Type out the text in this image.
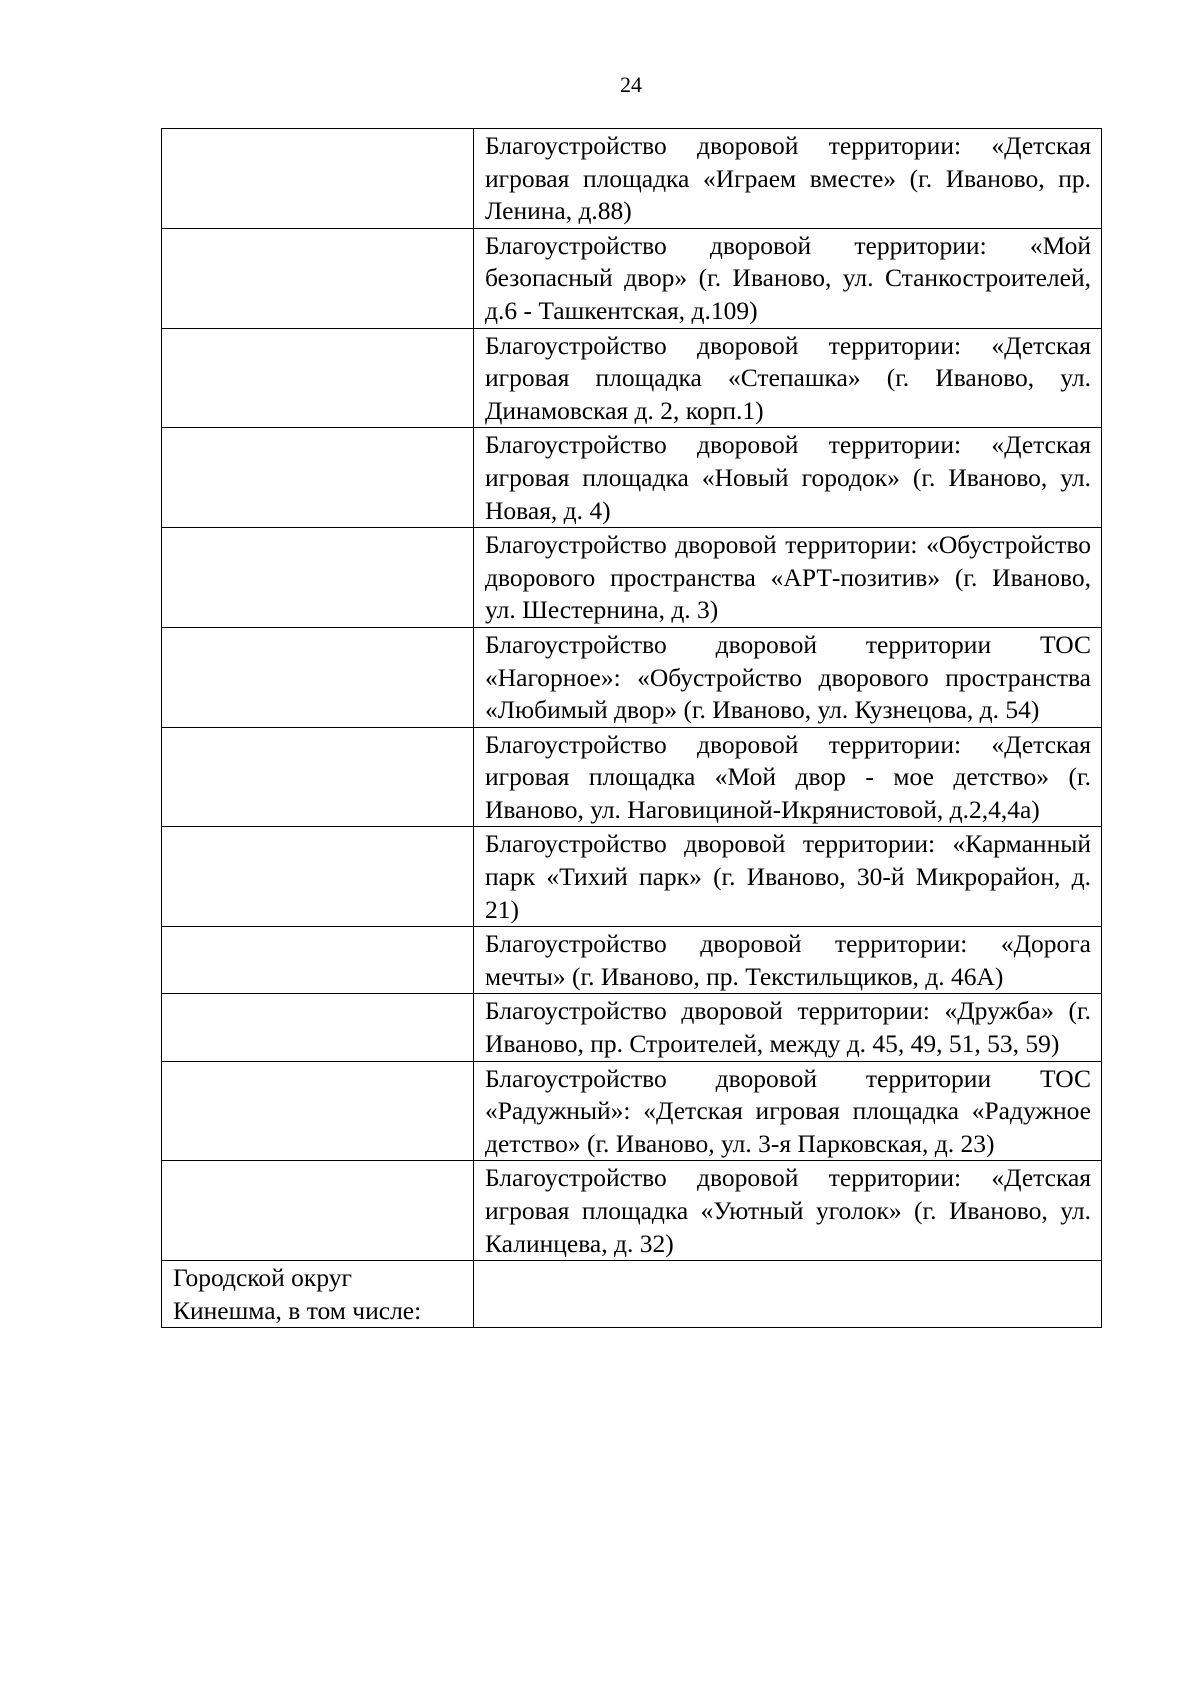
24
	Благоустройство дворовой территории: «Детская игровая площадка «Играем вместе» (г. Иваново, пр. Ленина, д.88)
	Благоустройство дворовой территории: «Мой безопасный двор» (г. Иваново, ул. Станкостроителей, д.6 - Ташкентская, д.109)
	Благоустройство дворовой территории: «Детская игровая площадка «Степашка» (г. Иваново, ул. Динамовская д. 2, корп.1)
	Благоустройство дворовой территории: «Детская игровая площадка «Новый городок» (г. Иваново, ул. Новая, д. 4)
	Благоустройство дворовой территории: «Обустройство дворового пространства «АРТ-позитив» (г. Иваново, ул. Шестернина, д. 3)
	Благоустройство дворовой территории ТОС «Нагорное»: «Обустройство дворового пространства «Любимый двор» (г. Иваново, ул. Кузнецова, д. 54)
	Благоустройство дворовой территории: «Детская игровая площадка «Мой двор - мое детство» (г. Иваново, ул. Наговициной-Икрянистовой, д.2,4,4а)
	Благоустройство дворовой территории: «Карманный парк «Тихий парк» (г. Иваново, 30-й Микрорайон, д. 21)
	Благоустройство дворовой территории: «Дорога мечты» (г. Иваново, пр. Текстильщиков, д. 46А)
	Благоустройство дворовой территории: «Дружба» (г. Иваново, пр. Строителей, между д. 45, 49, 51, 53, 59)
	Благоустройство дворовой территории ТОС «Радужный»: «Детская игровая площадка «Радужное детство» (г. Иваново, ул. 3-я Парковская, д. 23)
	Благоустройство дворовой территории: «Детская игровая площадка «Уютный уголок» (г. Иваново, ул. Калинцева, д. 32)
Городской округ Кинешма, в том числе:	
